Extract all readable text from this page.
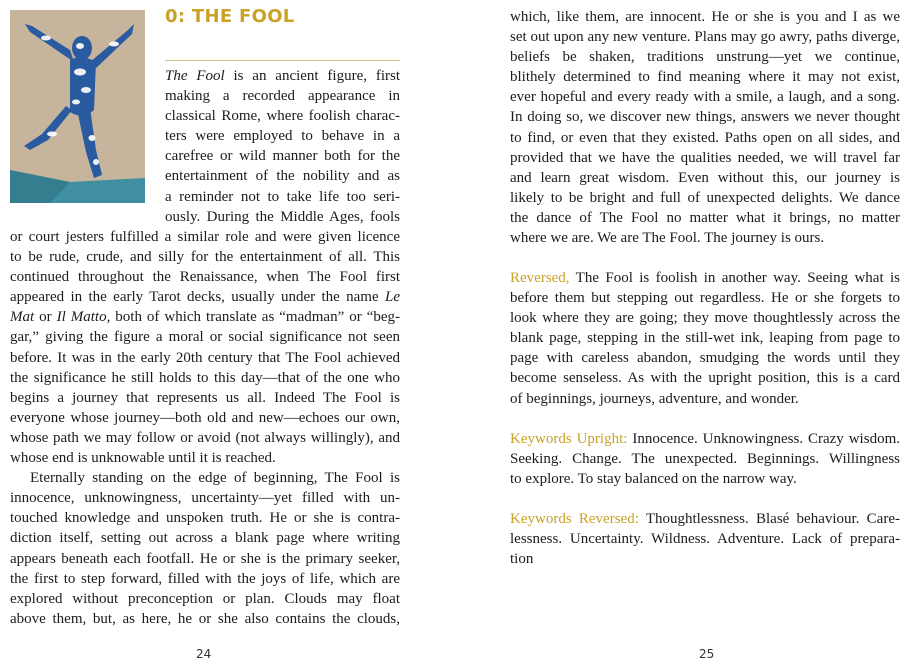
0: THE FOOL
The Fool is an ancient figure, first
making a recorded appearance in
classical Rome, where foolish charac-
ters were employed to behave in a
carefree or wild manner both for the
entertainment of the nobility and as
a reminder not to take life too seri-
ously. During the Middle Ages, fools
or court jesters fulfilled a similar role and were given licence
to be rude, crude, and silly for the entertainment of all. This
continued throughout the Renaissance, when The Fool first
appeared in the early Tarot decks, usually under the name Le
Mat or Il Matto, both of which translate as “madman” or “beg-
gar,” giving the figure a moral or social significance not seen
before. It was in the early 20th century that The Fool achieved
the significance he still holds to this day—that of the one who
begins a journey that represents us all. Indeed The Fool is
everyone whose journey—both old and new—echoes our own,
whose path we may follow or avoid (not always willingly), and
whose end is unknowable until it is reached.
Eternally standing on the edge of beginning, The Fool is
innocence, unknowingness, uncertainty—yet filled with un-
touched knowledge and unspoken truth. He or she is contra-
diction itself, setting out across a blank page where writing
appears beneath each footfall. He or she is the primary seeker,
the first to step forward, filled with the joys of life, which are
explored without preconception or plan. Clouds may float
above them, but, as here, he or she also contains the clouds,
24
which, like them, are innocent. He or she is you and I as we
set out upon any new venture. Plans may go awry, paths diverge,
beliefs be shaken, traditions unstrung—yet we continue,
blithely determined to find meaning where it may not exist,
ever hopeful and every ready with a smile, a laugh, and a song.
In doing so, we discover new things, answers we never thought
to find, or even that they existed. Paths open on all sides, and
provided that we have the qualities needed, we will travel far
and learn great wisdom. Even without this, our journey is
likely to be bright and full of unexpected delights. We dance
the dance of The Fool no matter what it brings, no matter
where we are. We are The Fool. The journey is ours.
Reversed, The Fool is foolish in another way. Seeing what is
before them but stepping out regardless. He or she forgets to
look where they are going; they move thoughtlessly across the
blank page, stepping in the still-wet ink, leaping from page to
page with careless abandon, smudging the words until they
become senseless. As with the upright position, this is a card
of beginnings, journeys, adventure, and wonder.
Keywords Upright: Innocence. Unknowingness. Crazy wisdom.
Seeking. Change. The unexpected. Beginnings. Willingness
to explore. To stay balanced on the narrow way.
Keywords Reversed: Thoughtlessness. Blasé behaviour. Care-
lessness. Uncertainty. Wildness. Adventure. Lack of prepara-
tion
25
